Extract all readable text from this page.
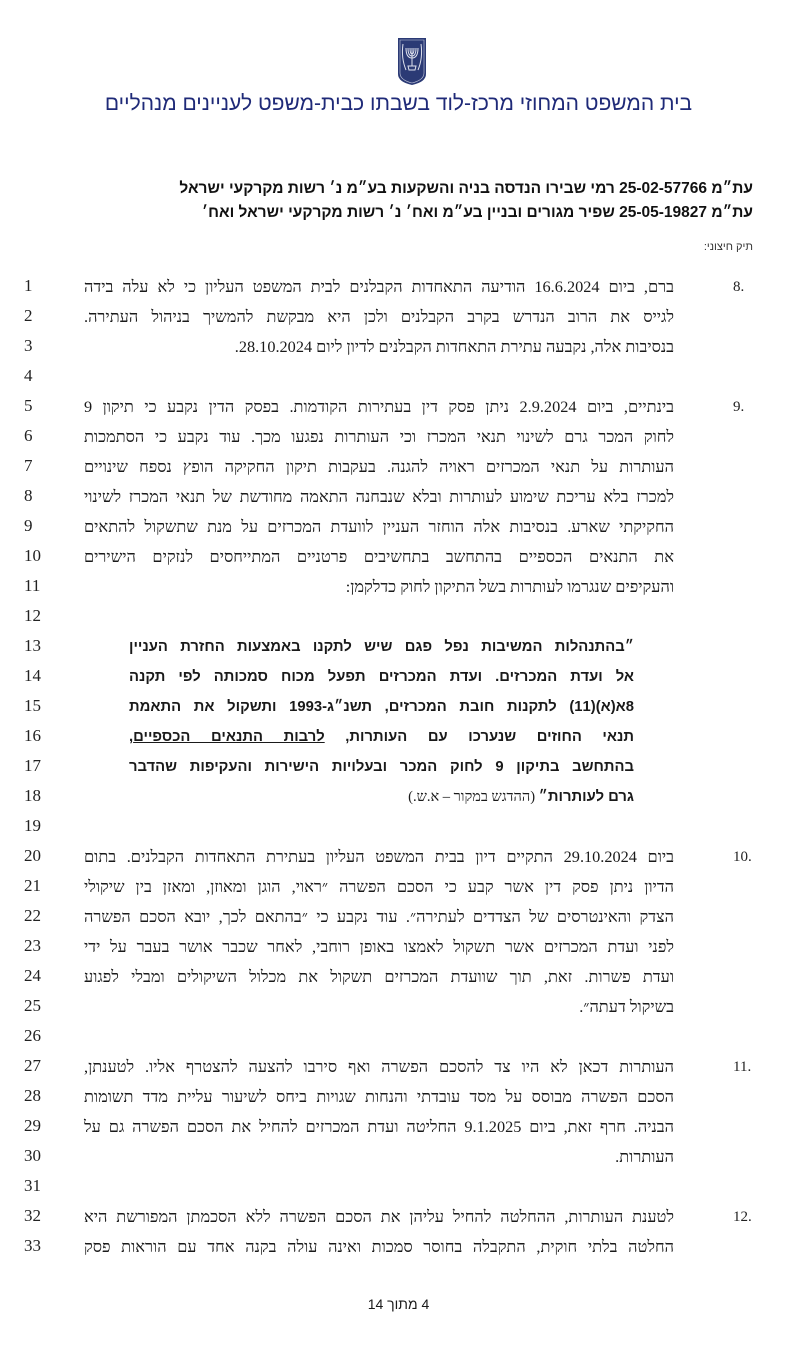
בית המשפט המחוזי מרכז-לוד בשבתו כבית-משפט לעניינים מנהליים
עת״מ 25-02-57766 רמי שבירו הנדסה בניה והשקעות בע״מ נ׳ רשות מקרקעי ישראל
עת״מ 25-05-19827 שפיר מגורים ובניין בע״מ ואח׳ נ׳ רשות מקרקעי ישראל ואח׳
תיק חיצוני:
1
2
3
4
5
6
7
8
9
10
11
12
13
14
15
16
17
18
19
20
21
22
23
24
25
26
27
28
29
30
31
32
33
8.
ברם, ביום 16.6.2024 הודיעה התאחדות הקבלנים לבית המשפט העליון כי לא עלה בידה
לגייס את הרוב הנדרש בקרב הקבלנים ולכן היא מבקשת להמשיך בניהול העתירה.
בנסיבות אלה, נקבעה עתירת התאחדות הקבלנים לדיון ליום 28.10.2024.
9.
בינתיים, ביום 2.9.2024 ניתן פסק דין בעתירות הקודמות. בפסק הדין נקבע כי תיקון 9
לחוק המכר גרם לשינוי תנאי המכרז וכי העותרות נפגעו מכך. עוד נקבע כי הסתמכות
העותרות על תנאי המכרזים ראויה להגנה. בעקבות תיקון החקיקה הופץ נספח שינויים
למכרז בלא עריכת שימוע לעותרות ובלא שנבחנה התאמה מחודשת של תנאי המכרז לשינוי
החקיקתי שארע. בנסיבות אלה הוחזר העניין לוועדת המכרזים על מנת שתשקול להתאים
את התנאים הכספיים בהתחשב בתחשיבים פרטניים המתייחסים לנזקים הישירים
והעקיפים שנגרמו לעותרות בשל התיקון לחוק כדלקמן:
״בהתנהלות המשיבות נפל פגם שיש לתקנו באמצעות החזרת העניין
אל ועדת המכרזים. ועדת המכרזים תפעל מכוח סמכותה לפי תקנה
8א(א)(11) לתקנות חובת המכרזים, תשנ״ג-1993 ותשקול את התאמת
תנאי החוזים שנערכו עם העותרות, לרבות התנאים הכספיים,
בהתחשב בתיקון 9 לחוק המכר ובעלויות הישירות והעקיפות שהדבר
גרם לעותרות״ (ההדגש במקור – א.ש.)
10.
ביום 29.10.2024 התקיים דיון בבית המשפט העליון בעתירת התאחדות הקבלנים. בתום
הדיון ניתן פסק דין אשר קבע כי הסכם הפשרה ״ראוי, הוגן ומאוזן, ומאזן בין שיקולי
הצדק והאינטרסים של הצדדים לעתירה״. עוד נקבע כי ״בהתאם לכך, יובא הסכם הפשרה
לפני ועדת המכרזים אשר תשקול לאמצו באופן רוחבי, לאחר שכבר אושר בעבר על ידי
ועדת פשרות. זאת, תוך שוועדת המכרזים תשקול את מכלול השיקולים ומבלי לפגוע
בשיקול דעתה״.
11.
העותרות דכאן לא היו צד להסכם הפשרה ואף סירבו להצעה להצטרף אליו. לטענתן,
הסכם הפשרה מבוסס על מסד עובדתי והנחות שגויות ביחס לשיעור עליית מדד תשומות
הבניה. חרף זאת, ביום 9.1.2025 החליטה ועדת המכרזים להחיל את הסכם הפשרה גם על
העותרות.
12.
לטענת העותרות, ההחלטה להחיל עליהן את הסכם הפשרה ללא הסכמתן המפורשת היא
החלטה בלתי חוקית, התקבלה בחוסר סמכות ואינה עולה בקנה אחד עם הוראות פסק
4 מתוך 14
